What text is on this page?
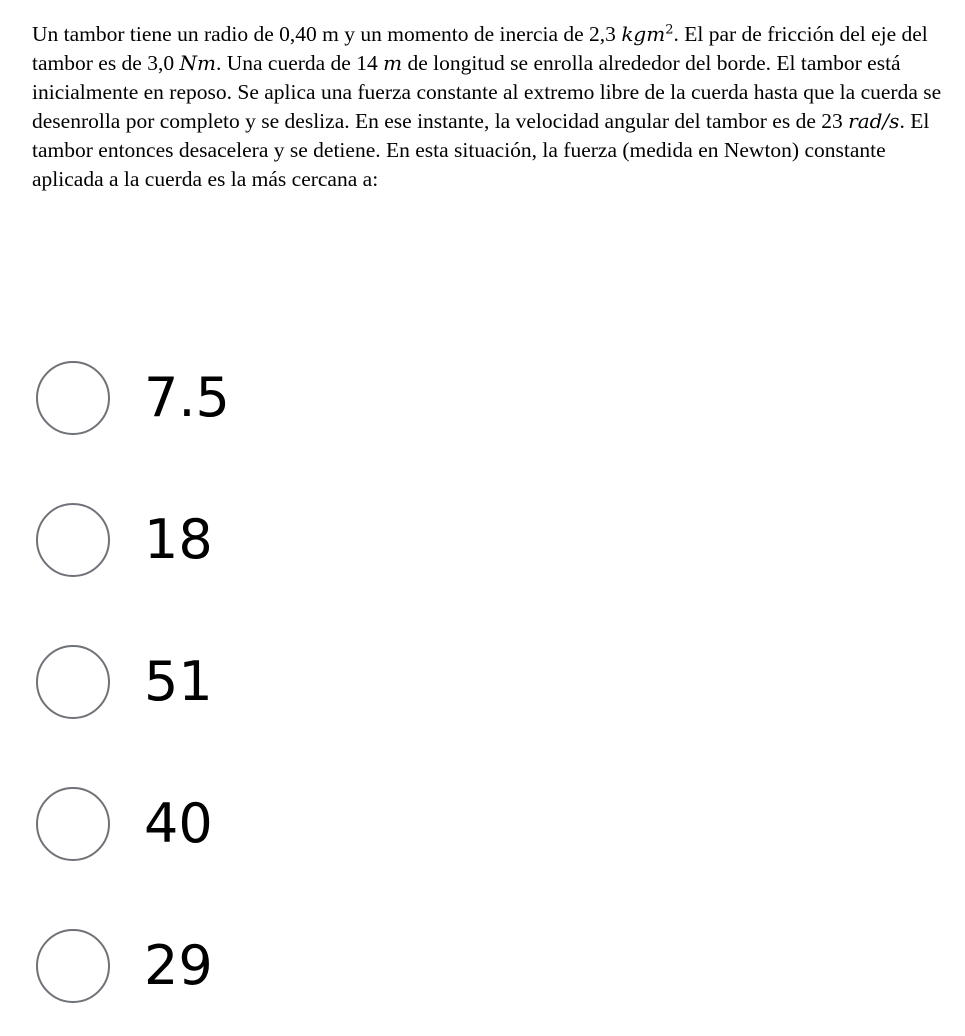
Un tambor tiene un radio de 0,40 m y un momento de inercia de 2,3 kgm$^2$. El par de fricción del eje del tambor es de 3,0 Nm. Una cuerda de 14 m de longitud se enrolla alrededor del borde. El tambor está inicialmente en reposo. Se aplica una fuerza constante al extremo libre de la cuerda hasta que la cuerda se desenrolla por completo y se desliza. En ese instante, la velocidad angular del tambor es de 23 rad/s. El tambor entonces desacelera y se detiene. En esta situación, la fuerza (medida en Newton) constante aplicada a la cuerda es la más cercana a:

7.5
18
51
40
29
